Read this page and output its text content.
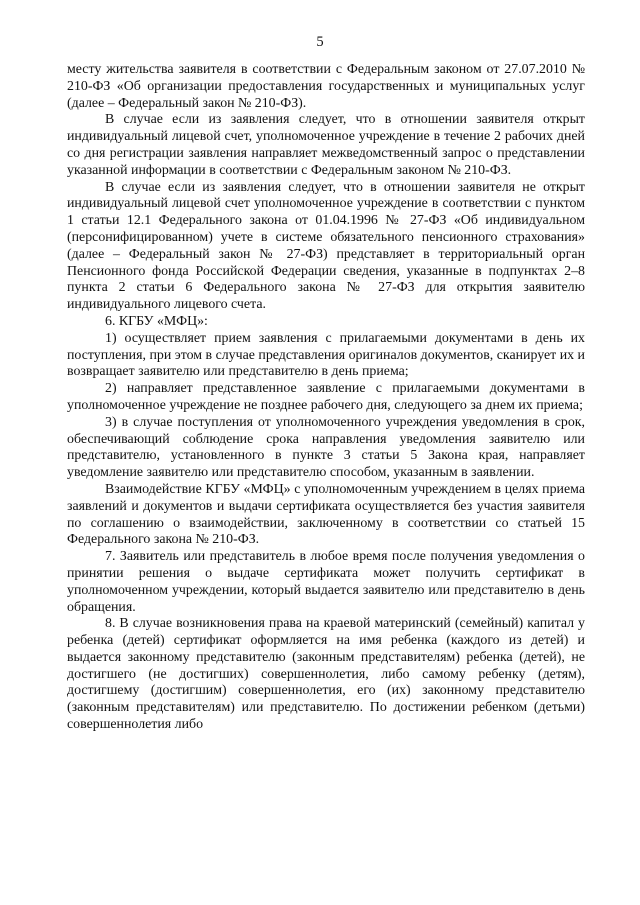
5

месту жительства заявителя в соответствии с Федеральным законом от 27.07.2010 № 210-ФЗ «Об организации предоставления государственных и муниципальных услуг (далее – Федеральный закон № 210-ФЗ).

В случае если из заявления следует, что в отношении заявителя открыт индивидуальный лицевой счет, уполномоченное учреждение в течение 2 рабочих дней со дня регистрации заявления направляет межведомственный запрос о представлении указанной информации в соответствии с Федеральным законом № 210-ФЗ.

В случае если из заявления следует, что в отношении заявителя не открыт индивидуальный лицевой счет уполномоченное учреждение в соответствии с пунктом 1 статьи 12.1 Федерального закона от 01.04.1996 № 27-ФЗ «Об индивидуальном (персонифицированном) учете в системе обязательного пенсионного страхования» (далее – Федеральный закон № 27-ФЗ) представляет в территориальный орган Пенсионного фонда Российской Федерации сведения, указанные в подпунктах 2–8 пункта 2 статьи 6 Федерального закона № 27-ФЗ для открытия заявителю индивидуального лицевого счета.

6. КГБУ «МФЦ»:

1) осуществляет прием заявления с прилагаемыми документами в день их поступления, при этом в случае представления оригиналов документов, сканирует их и возвращает заявителю или представителю в день приема;

2) направляет представленное заявление с прилагаемыми документами в уполномоченное учреждение не позднее рабочего дня, следующего за днем их приема;

3) в случае поступления от уполномоченного учреждения уведомления в срок, обеспечивающий соблюдение срока направления уведомления заявителю или представителю, установленного в пункте 3 статьи 5 Закона края, направляет уведомление заявителю или представителю способом, указанным в заявлении.

Взаимодействие КГБУ «МФЦ» с уполномоченным учреждением в целях приема заявлений и документов и выдачи сертификата осуществляется без участия заявителя по соглашению о взаимодействии, заключенному в соответствии со статьей 15 Федерального закона № 210-ФЗ.

7. Заявитель или представитель в любое время после получения уведомления о принятии решения о выдаче сертификата может получить сертификат в уполномоченном учреждении, который выдается заявителю или представителю в день обращения.

8. В случае возникновения права на краевой материнский (семейный) капитал у ребенка (детей) сертификат оформляется на имя ребенка (каждого из детей) и выдается законному представителю (законным представителям) ребенка (детей), не достигшего (не достигших) совершеннолетия, либо самому ребенку (детям), достигшему (достигшим) совершеннолетия, его (их) законному представителю (законным представителям) или представителю. По достижении ребенком (детьми) совершеннолетия либо
